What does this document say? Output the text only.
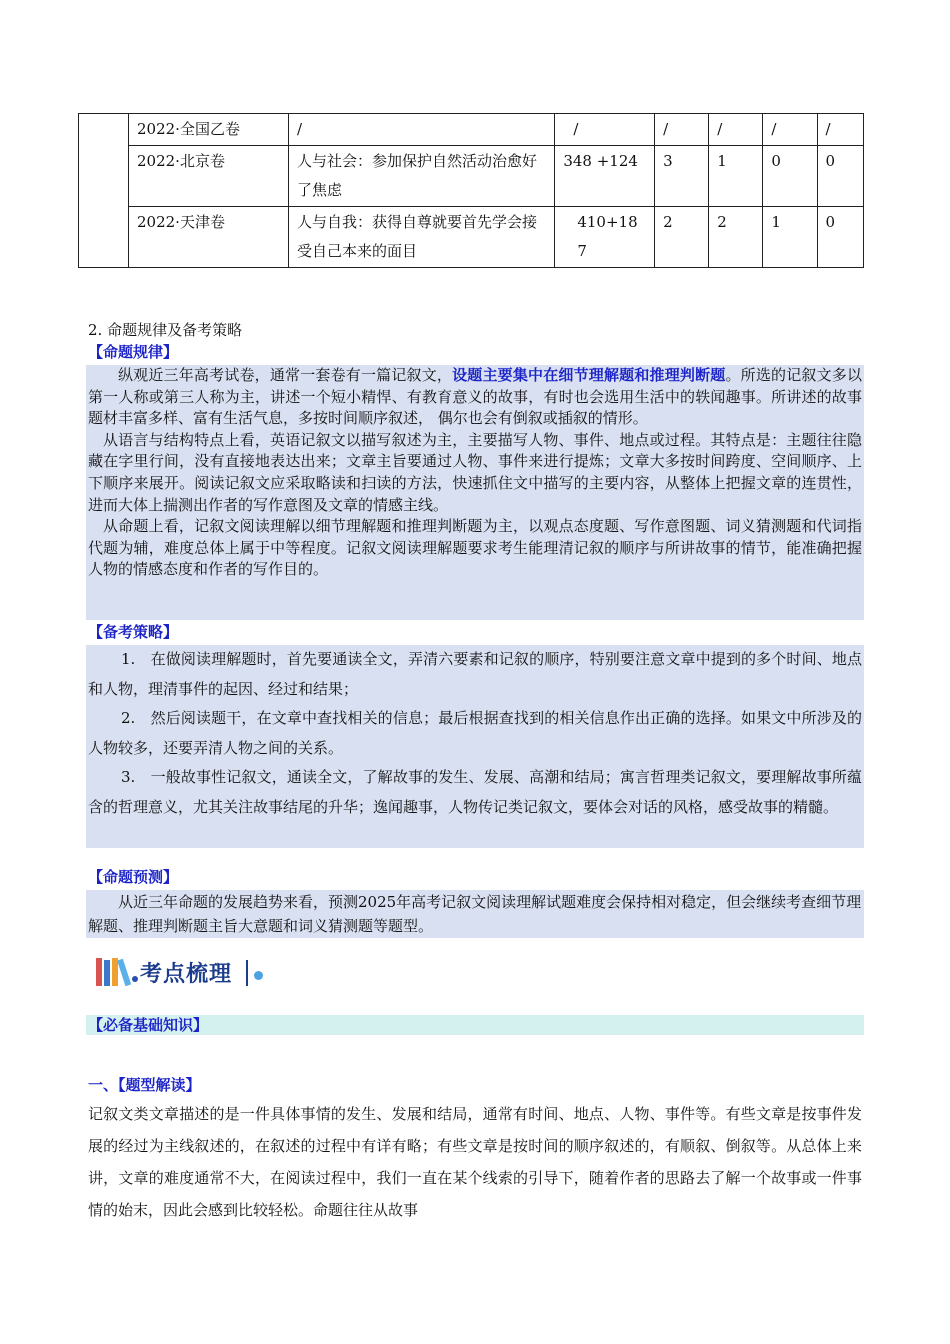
	2022·全国乙卷	/	/	/	/	/	/
	2022·北京卷	人与社会：参加保护自然活动治愈好了焦虑	348 +124	3	1	0	0
	2022·天津卷	人与自我：获得自尊就要首先学会接受自己本来的面目	410+187	2	2	1	0
2. 命题规律及备考策略
【命题规律】

纵观近三年高考试卷，通常一套卷有一篇记叙文，设题主要集中在细节理解题和推理判断题。所选的记叙文多以第一人称或第三人称为主，讲述一个短小精悍、有教育意义的故事，有时也会选用生活中的轶闻趣事。所讲述的故事题材丰富多样、富有生活气息，多按时间顺序叙述， 偶尔也会有倒叙或插叙的情形。

从语言与结构特点上看，英语记叙文以描写叙述为主，主要描写人物、事件、地点或过程。其特点是：主题往往隐藏在字里行间，没有直接地表达出来；文章主旨要通过人物、事件来进行提炼；文章大多按时间跨度、空间顺序、上下顺序来展开。阅读记叙文应采取略读和扫读的方法，快速抓住文中描写的主要内容，从整体上把握文章的连贯性，进而大体上揣测出作者的写作意图及文章的情感主线。

从命题上看，记叙文阅读理解以细节理解题和推理判断题为主，以观点态度题、写作意图题、词义猜测题和代词指代题为辅，难度总体上属于中等程度。记叙文阅读理解题要求考生能理清记叙的顺序与所讲故事的情节，能准确把握人物的情感态度和作者的写作目的。

【备考策略】

1.　在做阅读理解题时，首先要通读全文，弄清六要素和记叙的顺序，特别要注意文章中提到的多个时间、地点和人物，理清事件的起因、经过和结果；

2.　然后阅读题干，在文章中查找相关的信息；最后根据查找到的相关信息作出正确的选择。如果文中所涉及的人物较多，还要弄清人物之间的关系。

3.　一般故事性记叙文，通读全文，了解故事的发生、发展、高潮和结局；寓言哲理类记叙文，要理解故事所蕴含的哲理意义，尤其关注故事结尾的升华；逸闻趣事，人物传记类记叙文，要体会对话的风格，感受故事的精髓。

【命题预测】

从近三年命题的发展趋势来看，预测2025年高考记叙文阅读理解试题难度会保持相对稳定，但会继续考查细节理解题、推理判断题主旨大意题和词义猜测题等题型。

考点梳理
【必备基础知识】
一、【题型解读】

记叙文类文章描述的是一件具体事情的发生、发展和结局，通常有时间、地点、人物、事件等。有些文章是按事件发展的经过为主线叙述的，在叙述的过程中有详有略；有些文章是按时间的顺序叙述的，有顺叙、倒叙等。从总体上来讲，文章的难度通常不大，在阅读过程中，我们一直在某个线索的引导下，随着作者的思路去了解一个故事或一件事情的始末，因此会感到比较轻松。命题往往从故事
